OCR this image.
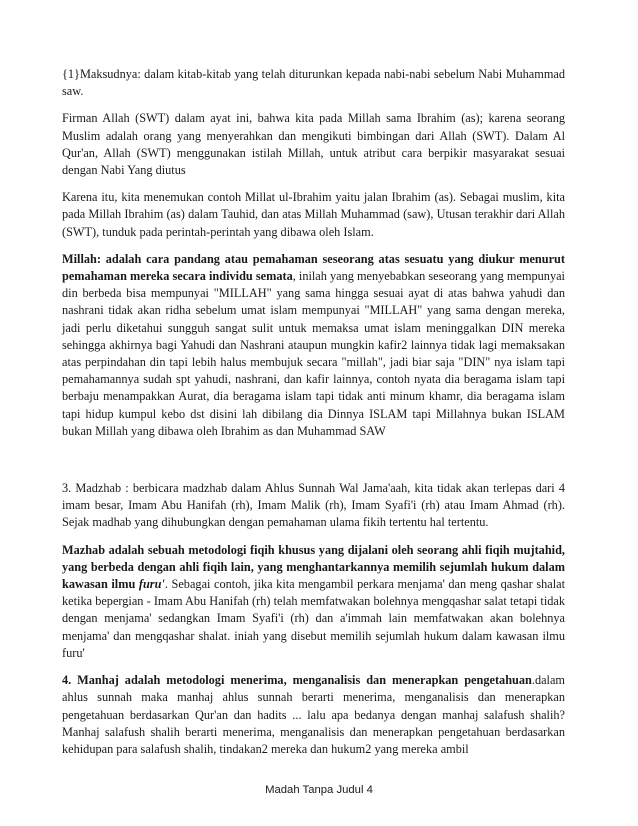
{1}Maksudnya: dalam kitab-kitab yang telah diturunkan kepada nabi-nabi sebelum Nabi Muhammad saw.

Firman Allah (SWT) dalam ayat ini, bahwa kita pada Millah sama Ibrahim (as); karena seorang Muslim adalah orang yang menyerahkan dan mengikuti bimbingan dari Allah (SWT). Dalam Al Qur'an, Allah (SWT) menggunakan istilah Millah, untuk atribut cara berpikir masyarakat sesuai dengan Nabi Yang diutus

Karena itu, kita menemukan contoh Millat ul-Ibrahim yaitu jalan Ibrahim (as). Sebagai muslim, kita pada Millah Ibrahim (as) dalam Tauhid, dan atas Millah Muhammad (saw), Utusan terakhir dari Allah (SWT), tunduk pada perintah-perintah yang dibawa oleh Islam.

Millah: adalah cara pandang atau pemahaman seseorang atas sesuatu yang diukur menurut pemahaman mereka secara individu semata, inilah yang menyebabkan seseorang yang mempunyai din berbeda bisa mempunyai "MILLAH" yang sama hingga sesuai ayat di atas bahwa yahudi dan nashrani tidak akan ridha sebelum umat islam mempunyai "MILLAH" yang sama dengan mereka, jadi perlu diketahui sungguh sangat sulit untuk memaksa umat islam meninggalkan DIN mereka sehingga akhirnya bagi Yahudi dan Nashrani ataupun mungkin kafir2 lainnya tidak lagi memaksakan atas perpindahan din tapi lebih halus membujuk secara "millah", jadi biar saja "DIN" nya islam tapi pemahamannya sudah spt yahudi, nashrani, dan kafir lainnya, contoh nyata dia beragama islam tapi berbaju menampakkan Aurat, dia beragama islam tapi tidak anti minum khamr, dia beragama islam tapi hidup kumpul kebo dst disini lah dibilang dia Dinnya ISLAM tapi Millahnya bukan ISLAM bukan Millah yang dibawa oleh Ibrahim as dan Muhammad SAW

3. Madzhab : berbicara madzhab dalam Ahlus Sunnah Wal Jama'aah, kita tidak akan terlepas dari 4 imam besar, Imam Abu Hanifah (rh), Imam Malik (rh), Imam Syafi'i (rh) atau Imam Ahmad (rh). Sejak madhab yang dihubungkan dengan pemahaman ulama fikih tertentu hal tertentu.

Mazhab adalah sebuah metodologi fiqih khusus yang dijalani oleh seorang ahli fiqih mujtahid, yang berbeda dengan ahli fiqih lain, yang menghantarkannya memilih sejumlah hukum dalam kawasan ilmu furu'. Sebagai contoh, jika kita mengambil perkara menjama' dan meng qashar shalat ketika bepergian - Imam Abu Hanifah (rh) telah memfatwakan bolehnya mengqashar salat tetapi tidak dengan menjama' sedangkan Imam Syafi'i (rh) dan a'immah lain memfatwakan akan bolehnya menjama' dan mengqashar shalat. iniah yang disebut memilih sejumlah hukum dalam kawasan ilmu furu'

4. Manhaj adalah metodologi menerima, menganalisis dan menerapkan pengetahuan.dalam ahlus sunnah maka manhaj ahlus sunnah berarti menerima, menganalisis dan menerapkan pengetahuan berdasarkan Qur'an dan hadits ... lalu apa bedanya dengan manhaj salafush shalih?Manhaj salafush shalih berarti menerima, menganalisis dan menerapkan pengetahuan berdasarkan kehidupan para salafush shalih, tindakan2 mereka dan hukum2 yang mereka ambil

Madah Tanpa Judul 4
